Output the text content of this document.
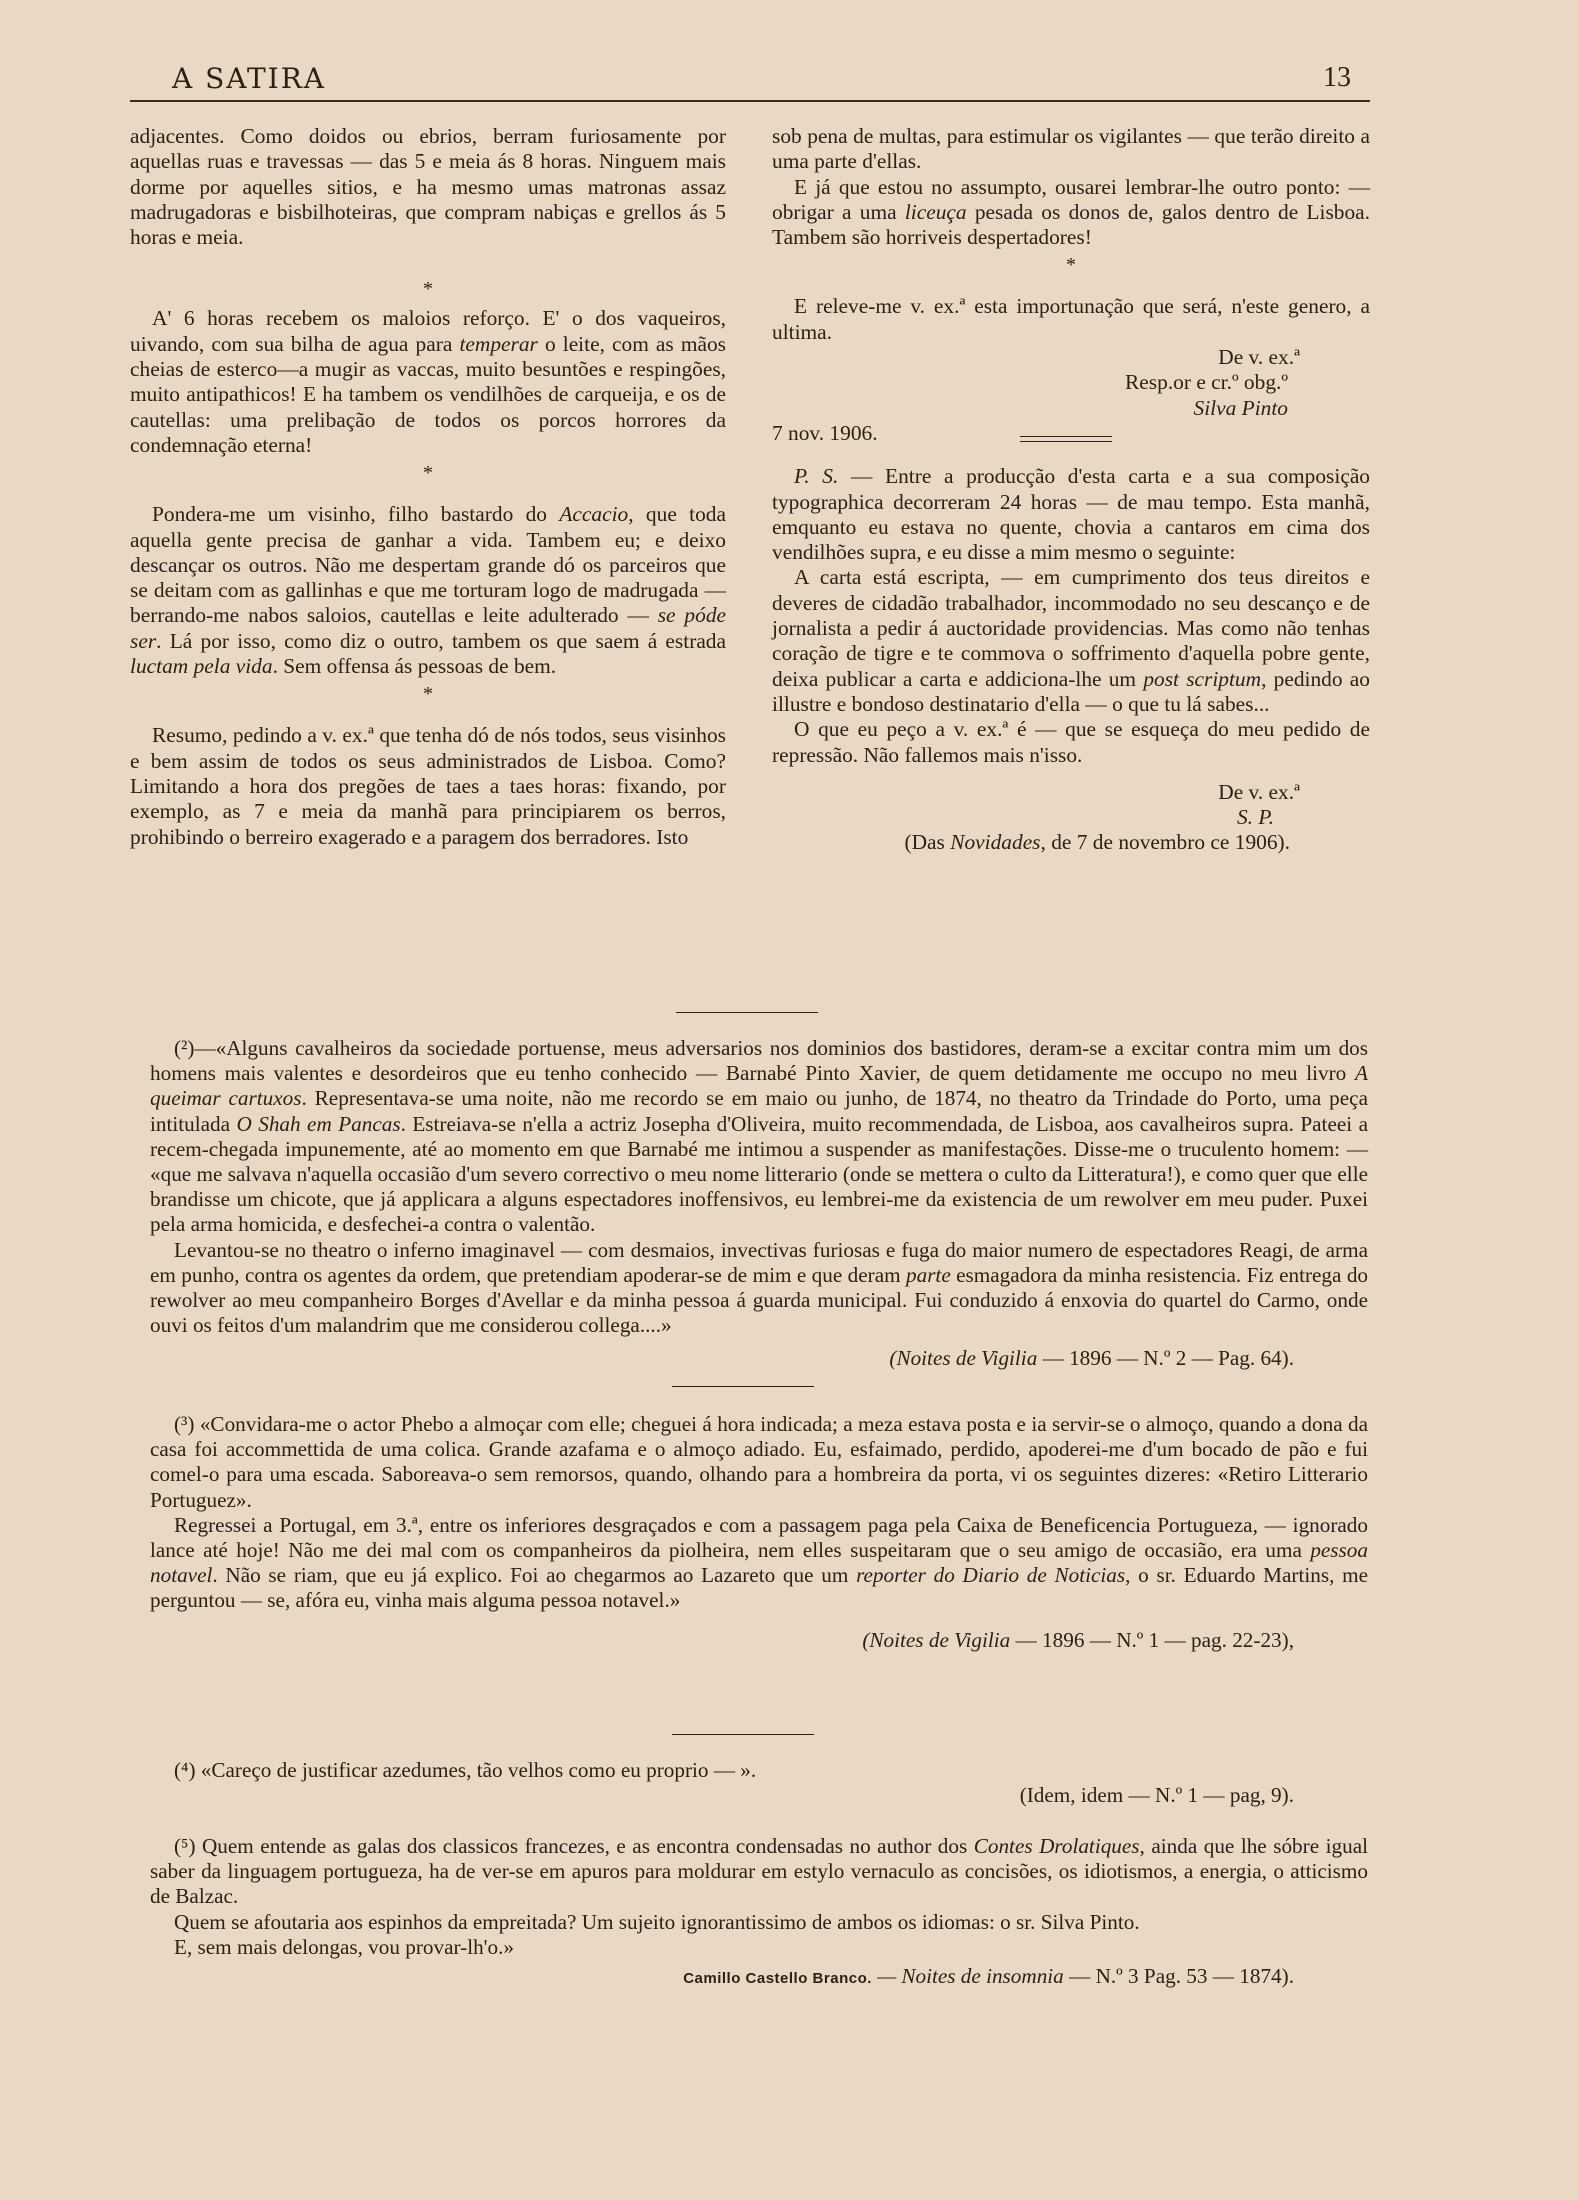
A SATIRA	13

adjacentes. Como doidos ou ebrios, berram furiosamente por aquellas ruas e travessas — das 5 e meia ás 8 horas. Ninguem mais dorme por aquelles sitios, e ha mesmo umas matronas assaz madrugadoras e bisbilhoteiras, que compram nabiças e grellos ás 5 horas e meia.

*

A' 6 horas recebem os maloios reforço. E' o dos vaqueiros, uivando, com sua bilha de agua para temperar o leite, com as mãos cheias de esterco—a mugir as vaccas, muito besuntões e respingões, muito antipathicos! E ha tambem os vendilhões de carqueija, e os de cautellas: uma prelibação de todos os porcos horrores da condemnação eterna!

*

Pondera-me um visinho, filho bastardo do Accacio, que toda aquella gente precisa de ganhar a vida. Tambem eu; e deixo descançar os outros. Não me despertam grande dó os parceiros que se deitam com as gallinhas e que me torturam logo de madrugada — berrando-me nabos saloios, cautellas e leite adulterado — se póde ser. Lá por isso, como diz o outro, tambem os que saem á estrada luctam pela vida. Sem offensa ás pessoas de bem.

*

Resumo, pedindo a v. ex.ª que tenha dó de nós todos, seus visinhos e bem assim de todos os seus administrados de Lisboa. Como? Limitando a hora dos pregões de taes a taes horas: fixando, por exemplo, as 7 e meia da manhã para principiarem os berros, prohibindo o berreiro exagerado e a paragem dos berradores. Isto

sob pena de multas, para estimular os vigilantes — que terão direito a uma parte d'ellas.

E já que estou no assumpto, ousarei lembrar-lhe outro ponto: — obrigar a uma liceuça pesada os donos de, galos dentro de Lisboa. Tambem são horriveis despertadores!

*

E releve-me v. ex.ª esta importunação que será, n'este genero, a ultima.

De v. ex.ª

Resp.or e cr.º obg.º

Silva Pinto

7 nov. 1906.

P. S. — Entre a producção d'esta carta e a sua composição typographica decorreram 24 horas — de mau tempo. Esta manhã, emquanto eu estava no quente, chovia a cantaros em cima dos vendilhões supra, e eu disse a mim mesmo o seguinte:

A carta está escripta, — em cumprimento dos teus direitos e deveres de cidadão trabalhador, incommodado no seu descanço e de jornalista a pedir á auctoridade providencias. Mas como não tenhas coração de tigre e te commova o soffrimento d'aquella pobre gente, deixa publicar a carta e addiciona-lhe um post scriptum, pedindo ao illustre e bondoso destinatario d'ella — o que tu lá sabes...

O que eu peço a v. ex.ª é — que se esqueça do meu pedido de repressão. Não fallemos mais n'isso.

De v. ex.ª

S. P.

(Das Novidades, de 7 de novembro ce 1906).

(²)—«Alguns cavalheiros da sociedade portuense, meus adversarios nos dominios dos bastidores, deram-se a excitar contra mim um dos homens mais valentes e desordeiros que eu tenho conhecido — Barnabé Pinto Xavier, de quem detidamente me occupo no meu livro A queimar cartuxos. Representava-se uma noite, não me recordo se em maio ou junho, de 1874, no theatro da Trindade do Porto, uma peça intitulada O Shah em Pancas. Estreiava-se n'ella a actriz Josepha d'Oliveira, muito recommendada, de Lisboa, aos cavalheiros supra. Pateei a recem-chegada impunemente, até ao momento em que Barnabé me intimou a suspender as manifestações. Disse-me o truculento homem: — «que me salvava n'aquella occasião d'um severo correctivo o meu nome litterario (onde se mettera o culto da Litteratura!), e como quer que elle brandisse um chicote, que já applicara a alguns espectadores inoffensivos, eu lembrei-me da existencia de um rewolver em meu puder. Puxei pela arma homicida, e desfechei-a contra o valentão.

Levantou-se no theatro o inferno imaginavel — com desmaios, invectivas furiosas e fuga do maior numero de espectadores Reagi, de arma em punho, contra os agentes da ordem, que pretendiam apoderar-se de mim e que deram parte esmagadora da minha resistencia. Fiz entrega do rewolver ao meu companheiro Borges d'Avellar e da minha pessoa á guarda municipal. Fui conduzido á enxovia do quartel do Carmo, onde ouvi os feitos d'um malandrim que me considerou collega....»

(Noites de Vigilia — 1896 — N.º 2 — Pag. 64).

(³) «Convidara-me o actor Phebo a almoçar com elle; cheguei á hora indicada; a meza estava posta e ia servir-se o almoço, quando a dona da casa foi accommettida de uma colica. Grande azafama e o almoço adiado. Eu, esfaimado, perdido, apoderei-me d'um bocado de pão e fui comel-o para uma escada. Saboreava-o sem remorsos, quando, olhando para a hombreira da porta, vi os seguintes dizeres: «Retiro Litterario Portuguez».

Regressei a Portugal, em 3.ª, entre os inferiores desgraçados e com a passagem paga pela Caixa de Beneficencia Portugueza, — ignorado lance até hoje! Não me dei mal com os companheiros da piolheira, nem elles suspeitaram que o seu amigo de occasião, era uma pessoa notavel. Não se riam, que eu já explico. Foi ao chegarmos ao Lazareto que um reporter do Diario de Noticias, o sr. Eduardo Martins, me perguntou — se, afóra eu, vinha mais alguma pessoa notavel.»

(Noites de Vigilia — 1896 — N.º 1 — pag. 22-23),

(⁴) «Careço de justificar azedumes, tão velhos como eu proprio — ».

(Idem, idem — N.º 1 — pag, 9).

(⁵) Quem entende as galas dos classicos francezes, e as encontra condensadas no author dos Contes Drolatiques, ainda que lhe sóbre igual saber da linguagem portugueza, ha de ver-se em apuros para moldurar em estylo vernaculo as concisões, os idiotismos, a energia, o atticismo de Balzac.

Quem se afoutaria aos espinhos da empreitada? Um sujeito ignorantissimo de ambos os idiomas: o sr. Silva Pinto.

E, sem mais delongas, vou provar-lh'o.»

Camillo Castello Branco. — Noites de insomnia — N.º 3 Pag. 53 — 1874).
